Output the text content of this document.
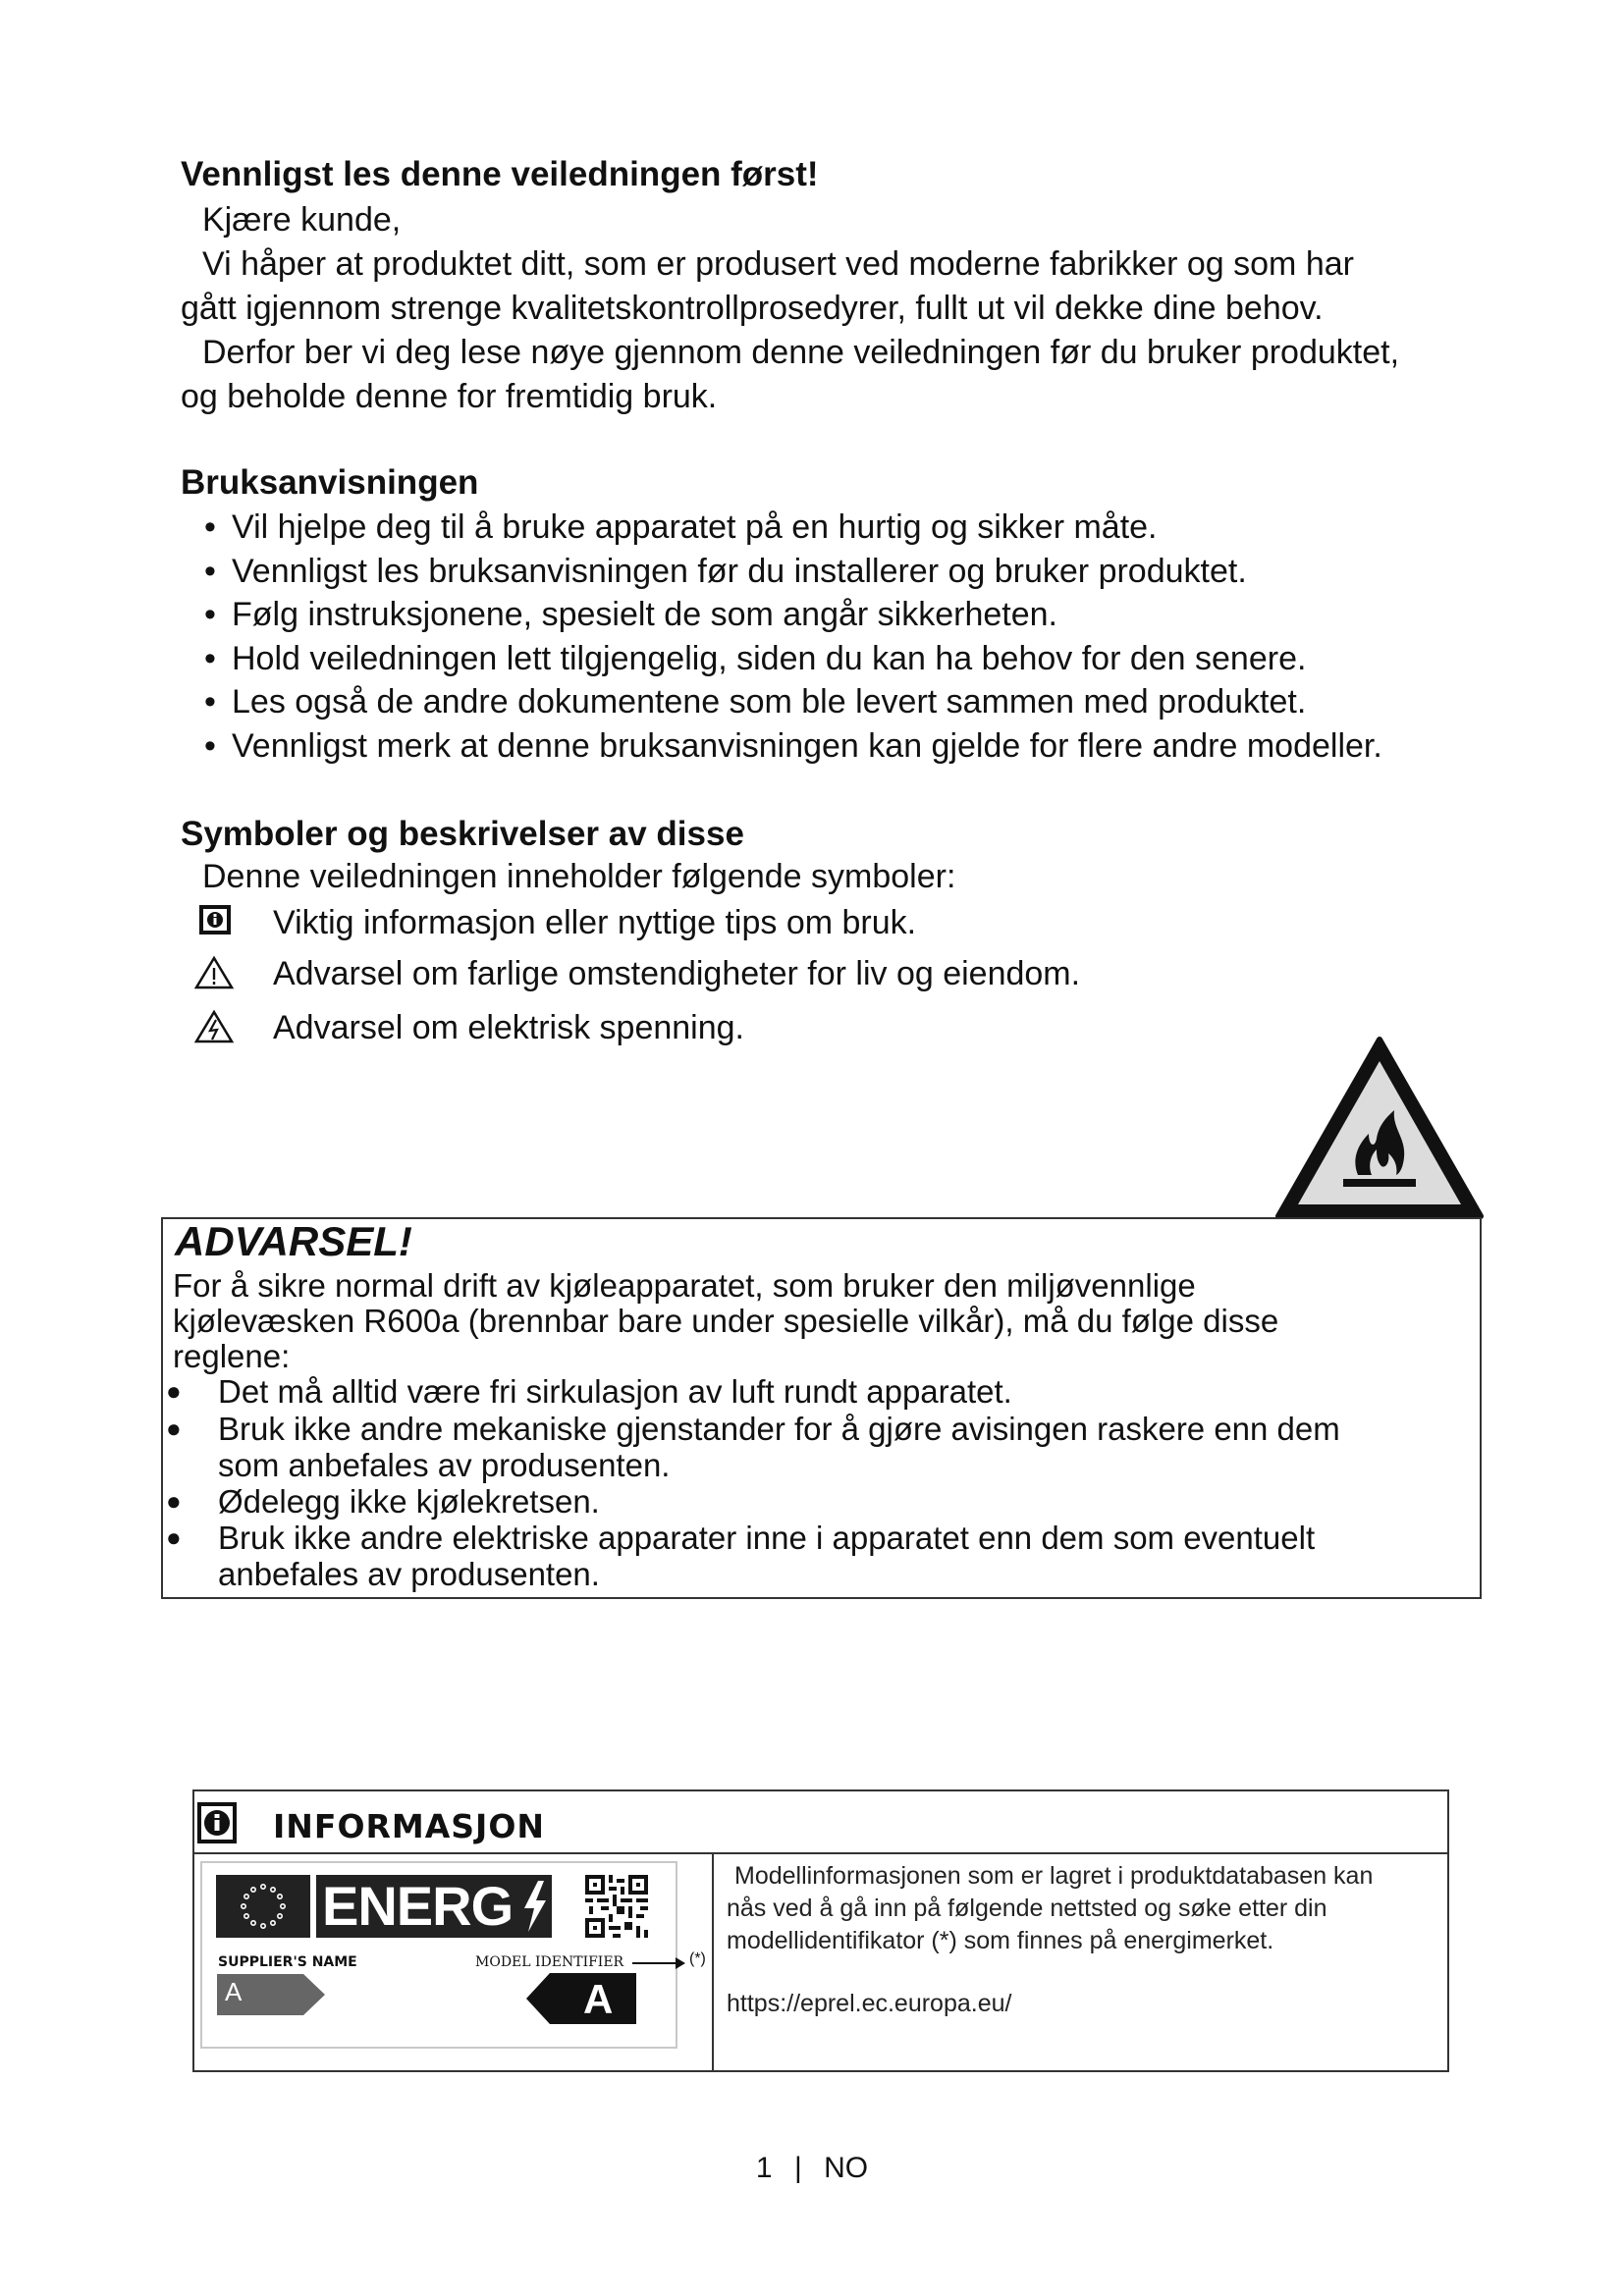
Vennligst les denne veiledningen først!
Kjære kunde,
Vi håper at produktet ditt, som er produsert ved moderne fabrikker og som har
gått igjennom strenge kvalitetskontrollprosedyrer, fullt ut vil dekke dine behov.
Derfor ber vi deg lese nøye gjennom denne veiledningen før du bruker produktet,
og beholde denne for fremtidig bruk.
Bruksanvisningen
• Vil hjelpe deg til å bruke apparatet på en hurtig og sikker måte.
• Vennligst les bruksanvisningen før du installerer og bruker produktet.
• Følg instruksjonene, spesielt de som angår sikkerheten.
• Hold veiledningen lett tilgjengelig, siden du kan ha behov for den senere.
• Les også de andre dokumentene som ble levert sammen med produktet.
• Vennligst merk at denne bruksanvisningen kan gjelde for flere andre modeller.
Symboler og beskrivelser av disse
Denne veiledningen inneholder følgende symboler:
Viktig informasjon eller nyttige tips om bruk.
Advarsel om farlige omstendigheter for liv og eiendom.
Advarsel om elektrisk spenning.
ADVARSEL!
For å sikre normal drift av kjøleapparatet, som bruker den miljøvennlige
kjølevæsken R600a (brennbar bare under spesielle vilkår), må du følge disse
reglene:
● Det må alltid være fri sirkulasjon av luft rundt apparatet.
● Bruk ikke andre mekaniske gjenstander for å gjøre avisingen raskere enn dem
som anbefales av produsenten.
● Ødelegg ikke kjølekretsen.
● Bruk ikke andre elektriske apparater inne i apparatet enn dem som eventuelt
anbefales av produsenten.
INFORMASJON
ENERG
SUPPLIER'S NAME	MODEL IDENTIFIER	(*)
A	A
Modellinformasjonen som er lagret i produktdatabasen kan
nås ved å gå inn på følgende nettsted og søke etter din
modellidentifikator (*) som finnes på energimerket.
https://eprel.ec.europa.eu/
1 | NO
